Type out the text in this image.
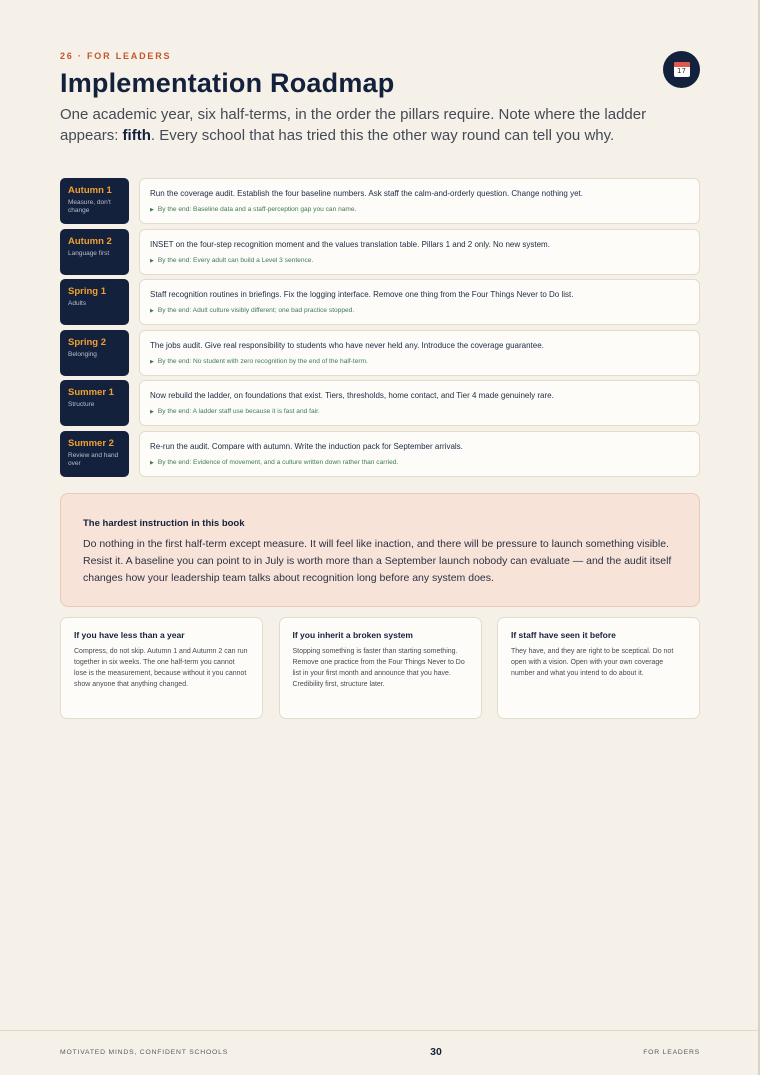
26 · FOR LEADERS
17
Implementation Roadmap

One academic year, six half-terms, in the order the pillars require. Note where the ladder appears: fifth. Every school that has tried this the other way round can tell you why.

Autumn 1
Measure, don't change
Run the coverage audit. Establish the four baseline numbers. Ask staff the calm-and-orderly question. Change nothing yet.
▶ By the end: Baseline data and a staff-perception gap you can name.
Autumn 2
Language first
INSET on the four-step recognition moment and the values translation table. Pillars 1 and 2 only. No new system.
▶ By the end: Every adult can build a Level 3 sentence.
Spring 1
Adults
Staff recognition routines in briefings. Fix the logging interface. Remove one thing from the Four Things Never to Do list.
▶ By the end: Adult culture visibly different; one bad practice stopped.
Spring 2
Belonging
The jobs audit. Give real responsibility to students who have never held any. Introduce the coverage guarantee.
▶ By the end: No student with zero recognition by the end of the half-term.
Summer 1
Structure
Now rebuild the ladder, on foundations that exist. Tiers, thresholds, home contact, and Tier 4 made genuinely rare.
▶ By the end: A ladder staff use because it is fast and fair.
Summer 2
Review and hand over
Re-run the audit. Compare with autumn. Write the induction pack for September arrivals.
▶ By the end: Evidence of movement, and a culture written down rather than carried.
The hardest instruction in this book
Do nothing in the first half-term except measure. It will feel like inaction, and there will be pressure to launch something visible. Resist it. A baseline you can point to in July is worth more than a September launch nobody can evaluate — and the audit itself changes how your leadership team talks about recognition long before any system does.
If you have less than a year
Compress, do not skip. Autumn 1 and Autumn 2 can run together in six weeks. The one half-term you cannot lose is the measurement, because without it you cannot show anyone that anything changed.
If you inherit a broken system
Stopping something is faster than starting something. Remove one practice from the Four Things Never to Do list in your first month and announce that you have. Credibility first, structure later.
If staff have seen it before
They have, and they are right to be sceptical. Do not open with a vision. Open with your own coverage number and what you intend to do about it.
MOTIVATED MINDS, CONFIDENT SCHOOLS	30	FOR LEADERS
